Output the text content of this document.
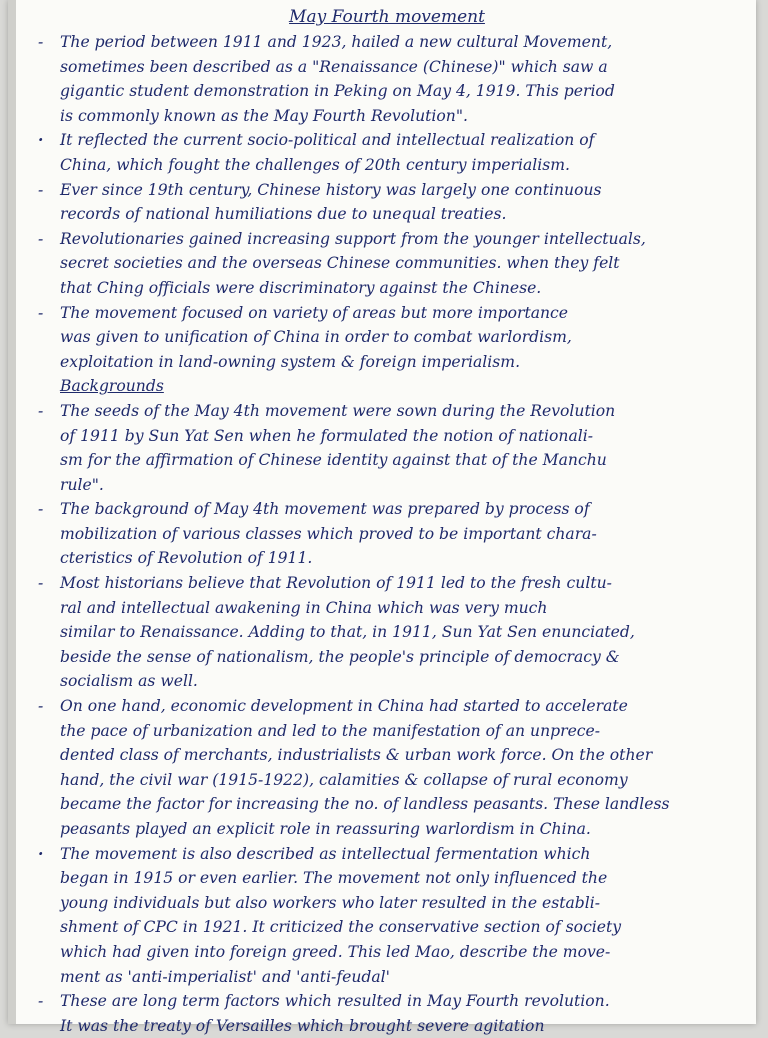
May Fourth movement
- The period between 1911 and 1923, hailed a new cultural Movement,
sometimes been described as a "Renaissance (Chinese)" which saw a
gigantic student demonstration in Peking on May 4, 1919. This period
is commonly known as the May Fourth Revolution".
· It reflected the current socio-political and intellectual realization of
China, which fought the challenges of 20th century imperialism.
- Ever since 19th century, Chinese history was largely one continuous
records of national humiliations due to unequal treaties.
- Revolutionaries gained increasing support from the younger intellectuals,
secret societies and the overseas Chinese communities. when they felt
that Ching officials were discriminatory against the Chinese.
- The movement focused on variety of areas but more importance
was given to unification of China in order to combat warlordism,
exploitation in land-owning system & foreign imperialism.
Backgrounds
- The seeds of the May 4th movement were sown during the Revolution
of 1911 by Sun Yat Sen when he formulated the notion of nationali-
sm for the affirmation of Chinese identity against that of the Manchu
rule".
- The background of May 4th movement was prepared by process of
mobilization of various classes which proved to be important chara-
cteristics of Revolution of 1911.
- Most historians believe that Revolution of 1911 led to the fresh cultu-
ral and intellectual awakening in China which was very much
similar to Renaissance. Adding to that, in 1911, Sun Yat Sen enunciated,
beside the sense of nationalism, the people's principle of democracy &
socialism as well.
- On one hand, economic development in China had started to accelerate
the pace of urbanization and led to the manifestation of an unprece-
dented class of merchants, industrialists & urban work force. On the other
hand, the civil war (1915-1922), calamities & collapse of rural economy
became the factor for increasing the no. of landless peasants. These landless
peasants played an explicit role in reassuring warlordism in China.
· The movement is also described as intellectual fermentation which
began in 1915 or even earlier. The movement not only influenced the
young individuals but also workers who later resulted in the establi-
shment of CPC in 1921. It criticized the conservative section of society
which had given into foreign greed. This led Mao, describe the move-
ment as 'anti-imperialist' and 'anti-feudal'
- These are long term factors which resulted in May Fourth revolution.
It was the treaty of Versailles which brought severe agitation
